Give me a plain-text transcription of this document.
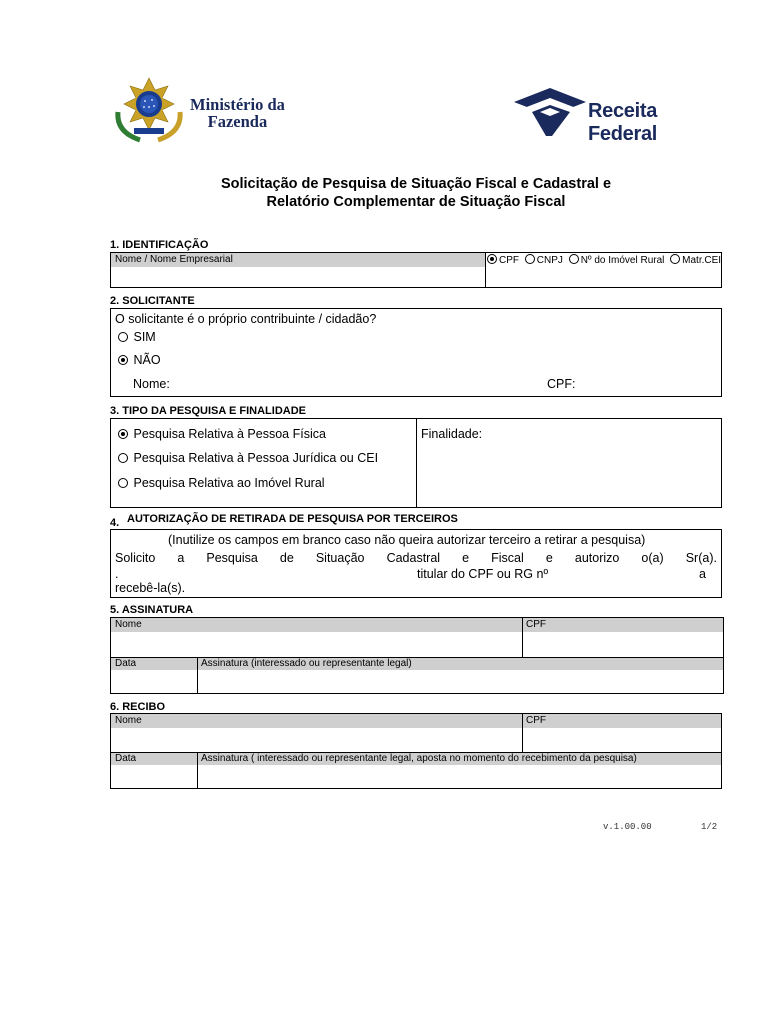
Ministério da
Fazenda	Receita Federal
Solicitação de Pesquisa de Situação Fiscal e Cadastral e
Relatório Complementar de Situação Fiscal
1. IDENTIFICAÇÃO
Nome / Nome Empresarial	CPF CNPJ Nº do Imóvel Rural Matr.CEI
2. SOLICITANTE
O solicitante é o próprio contribuinte / cidadão?
SIM
NÃO
Nome:	CPF:
3. TIPO DA PESQUISA E FINALIDADE
Pesquisa Relativa à Pessoa Física
Pesquisa Relativa à Pessoa Jurídica ou CEI
Pesquisa Relativa ao Imóvel Rural
Finalidade:
4. AUTORIZAÇÃO DE RETIRADA DE PESQUISA POR TERCEIROS
(Inutilize os campos em branco caso não queira autorizar terceiro a retirar a pesquisa)
Solicito a Pesquisa de Situação Cadastral e Fiscal e autorizo o(a) Sr(a).
.	titular do CPF ou RG nº	a
recebê-la(s).
5. ASSINATURA
Nome	CPF
Data	Assinatura (interessado ou representante legal)
6. RECIBO
Nome	CPF
Data	Assinatura ( interessado ou representante legal, aposta no momento do recebimento da pesquisa)
v.1.00.00	1/2
